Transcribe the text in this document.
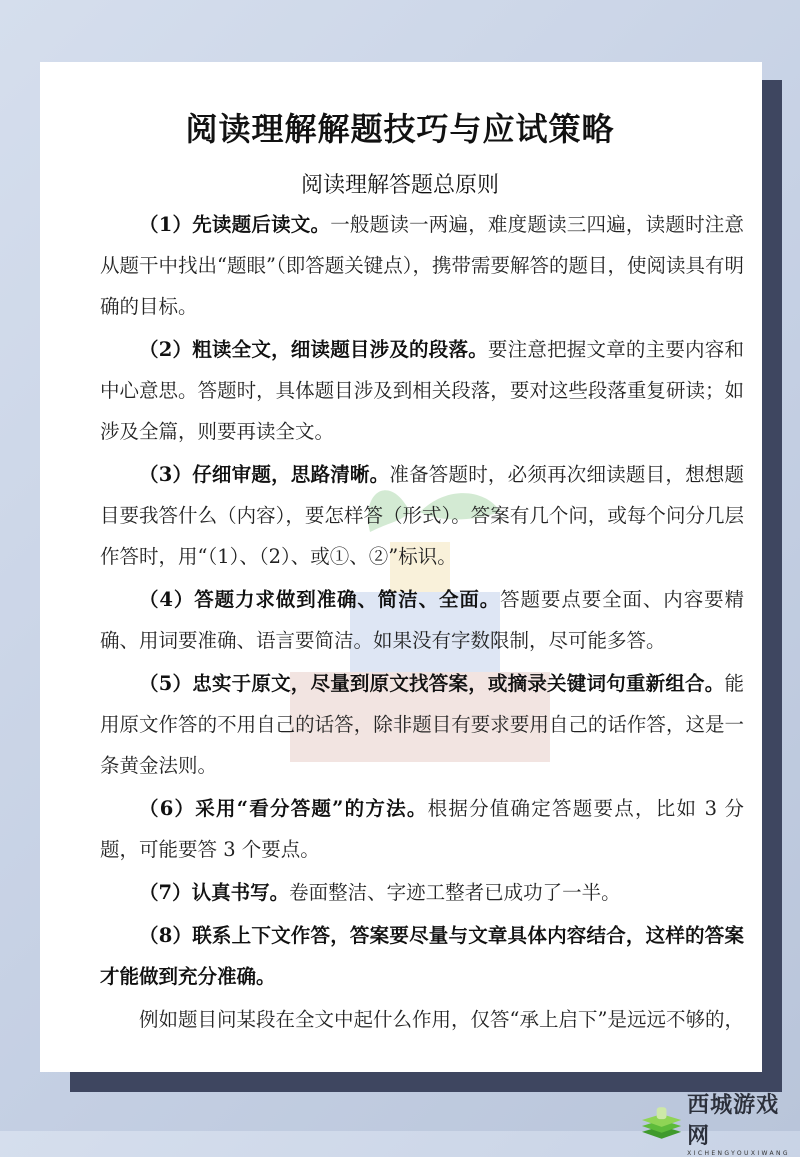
阅读理解解题技巧与应试策略
阅读理解答题总原则

（1）先读题后读文。一般题读一两遍，难度题读三四遍，读题时注意从题干中找出“题眼”（即答题关键点），携带需要解答的题目，使阅读具有明确的目标。

（2）粗读全文，细读题目涉及的段落。要注意把握文章的主要内容和中心意思。答题时，具体题目涉及到相关段落，要对这些段落重复研读；如涉及全篇，则要再读全文。

（3）仔细审题，思路清晰。准备答题时，必须再次细读题目，想想题目要我答什么（内容），要怎样答（形式）。答案有几个问，或每个问分几层作答时，用“（1）、（2）、或①、②”标识。

（4）答题力求做到准确、简洁、全面。答题要点要全面、内容要精确、用词要准确、语言要简洁。如果没有字数限制，尽可能多答。

（5）忠实于原文，尽量到原文找答案，或摘录关键词句重新组合。能用原文作答的不用自己的话答，除非题目有要求要用自己的话作答，这是一条黄金法则。

（6）采用“看分答题”的方法。根据分值确定答题要点，比如 3 分题，可能要答 3 个要点。

（7）认真书写。卷面整洁、字迹工整者已成功了一半。

（8）联系上下文作答，答案要尽量与文章具体内容结合，这样的答案才能做到充分准确。

例如题目问某段在全文中起什么作用，仅答“承上启下”是远远不够的，

西城游戏网
XICHENGYOUXIWANG
